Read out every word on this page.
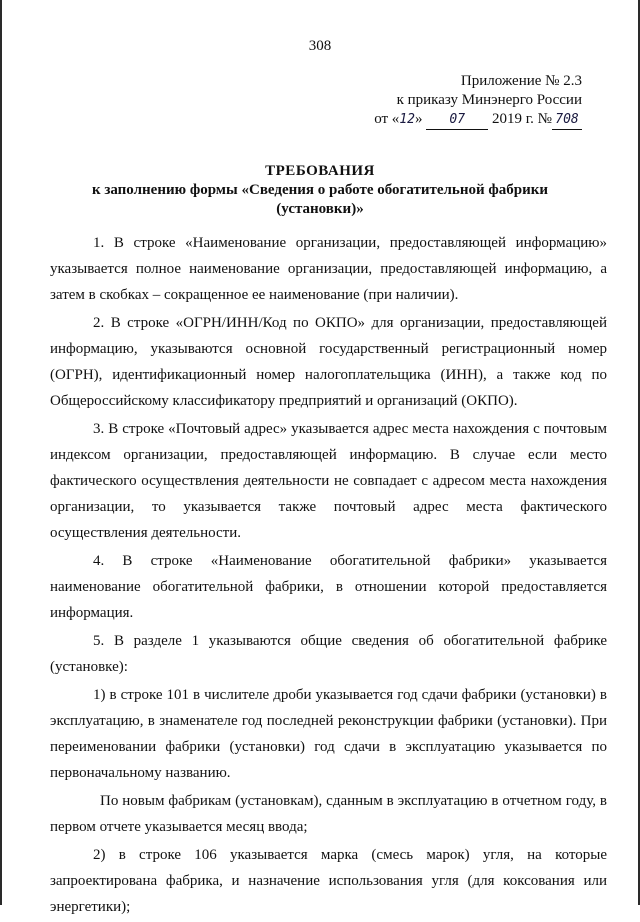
308
Приложение № 2.3
к приказу Минэнерго России
от «12» 07 2019 г. № 708
ТРЕБОВАНИЯ
к заполнению формы «Сведения о работе обогатительной фабрики (установки)»

1. В строке «Наименование организации, предоставляющей информацию» указывается полное наименование организации, предоставляющей информацию, а затем в скобках – сокращенное ее наименование (при наличии).

2. В строке «ОГРН/ИНН/Код по ОКПО» для организации, предоставляющей информацию, указываются основной государственный регистрационный номер (ОГРН), идентификационный номер налогоплательщика (ИНН), а также код по Общероссийскому классификатору предприятий и организаций (ОКПО).

3. В строке «Почтовый адрес» указывается адрес места нахождения с почтовым индексом организации, предоставляющей информацию. В случае если место фактического осуществления деятельности не совпадает с адресом места нахождения организации, то указывается также почтовый адрес места фактического осуществления деятельности.

4. В строке «Наименование обогатительной фабрики» указывается наименование обогатительной фабрики, в отношении которой предоставляется информация.

5. В разделе 1 указываются общие сведения об обогатительной фабрике (установке):

1) в строке 101 в числителе дроби указывается год сдачи фабрики (установки) в эксплуатацию, в знаменателе год последней реконструкции фабрики (установки). При переименовании фабрики (установки) год сдачи в эксплуатацию указывается по первоначальному названию.

По новым фабрикам (установкам), сданным в эксплуатацию в отчетном году, в первом отчете указывается месяц ввода;

2) в строке 106 указывается марка (смесь марок) угля, на которые запроектирована фабрика, и назначение использования угля (для коксования или энергетики);
